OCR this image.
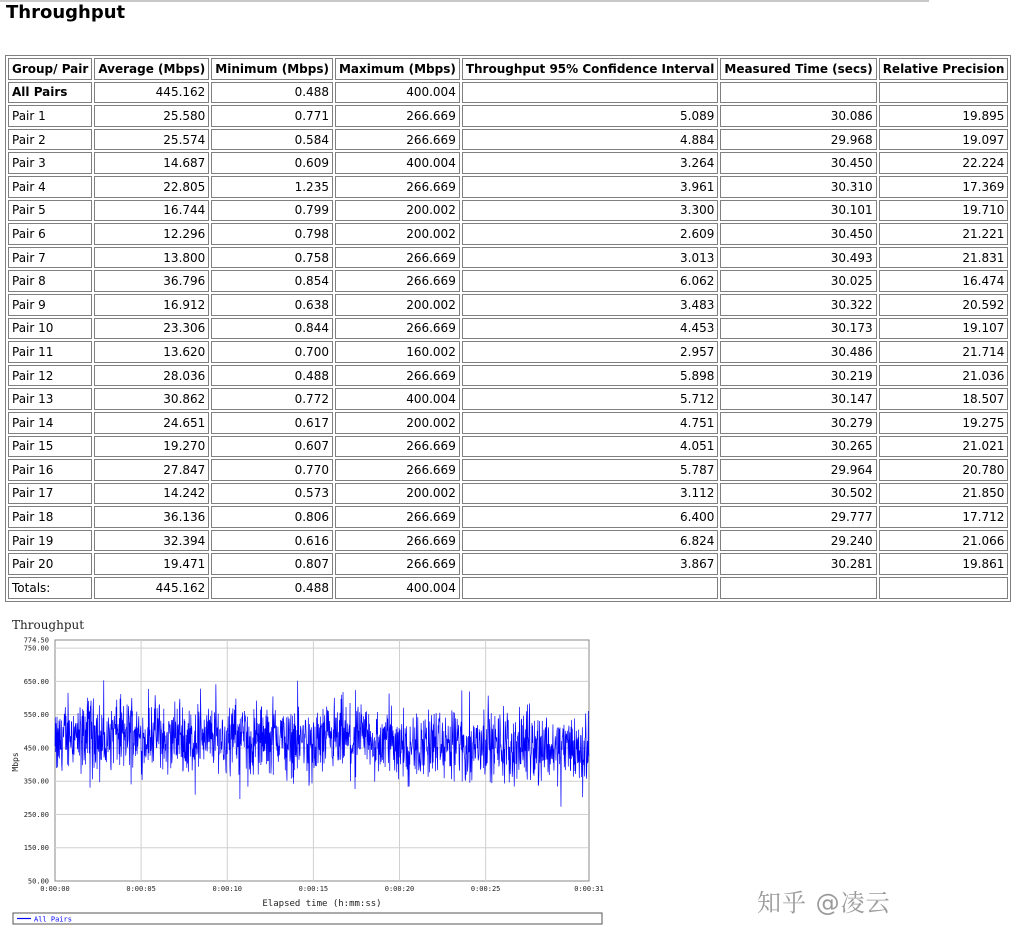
Throughput
Group/ Pair	Average (Mbps)	Minimum (Mbps)	Maximum (Mbps)	Throughput 95% Confidence Interval	Measured Time (secs)	Relative Precision
All Pairs	445.162	0.488	400.004			
Pair 1	25.580	0.771	266.669	5.089	30.086	19.895
Pair 2	25.574	0.584	266.669	4.884	29.968	19.097
Pair 3	14.687	0.609	400.004	3.264	30.450	22.224
Pair 4	22.805	1.235	266.669	3.961	30.310	17.369
Pair 5	16.744	0.799	200.002	3.300	30.101	19.710
Pair 6	12.296	0.798	200.002	2.609	30.450	21.221
Pair 7	13.800	0.758	266.669	3.013	30.493	21.831
Pair 8	36.796	0.854	266.669	6.062	30.025	16.474
Pair 9	16.912	0.638	200.002	3.483	30.322	20.592
Pair 10	23.306	0.844	266.669	4.453	30.173	19.107
Pair 11	13.620	0.700	160.002	2.957	30.486	21.714
Pair 12	28.036	0.488	266.669	5.898	30.219	21.036
Pair 13	30.862	0.772	400.004	5.712	30.147	18.507
Pair 14	24.651	0.617	200.002	4.751	30.279	19.275
Pair 15	19.270	0.607	266.669	4.051	30.265	21.021
Pair 16	27.847	0.770	266.669	5.787	29.964	20.780
Pair 17	14.242	0.573	200.002	3.112	30.502	21.850
Pair 18	36.136	0.806	266.669	6.400	29.777	17.712
Pair 19	32.394	0.616	266.669	6.824	29.240	21.066
Pair 20	19.471	0.807	266.669	3.867	30.281	19.861
Totals:	445.162	0.488	400.004			
Throughput
50.00
150.00
250.00
350.00
450.00
550.00
650.00
750.00
774.50
0:00:00	0:00:05	0:00:10	0:00:15	0:00:20	0:00:25	0:00:31
Mbps
Elapsed time (h:mm:ss)
All Pairs
知乎 @凌云
